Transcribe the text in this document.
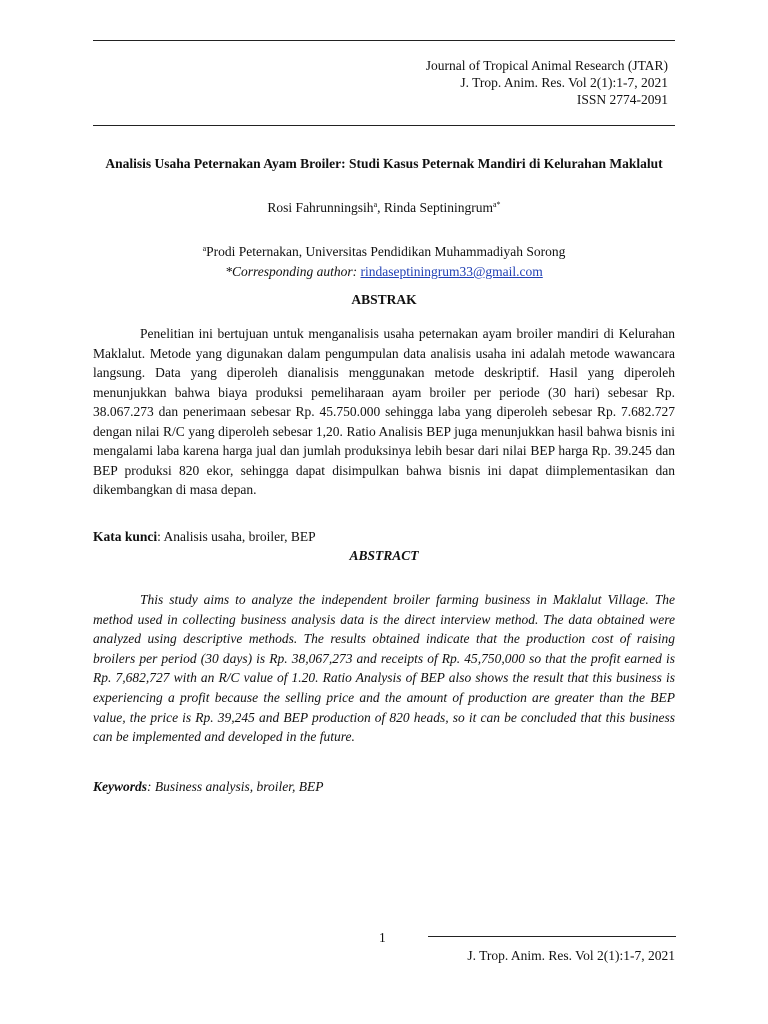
Journal of Tropical Animal Research (JTAR)
J. Trop. Anim. Res. Vol 2(1):1-7, 2021
ISSN 2774-2091
Analisis Usaha Peternakan Ayam Broiler: Studi Kasus Peternak Mandiri di Kelurahan Maklalut
Rosi Fahrunningsih$^a$, Rinda Septiningrum$^{a*}$
$^a$Prodi Peternakan, Universitas Pendidikan Muhammadiyah Sorong
*Corresponding author: rindaseptiningrum33@gmail.com
ABSTRAK
Penelitian ini bertujuan untuk menganalisis usaha peternakan ayam broiler mandiri di Kelurahan Maklalut. Metode yang digunakan dalam pengumpulan data analisis usaha ini adalah metode wawancara langsung. Data yang diperoleh dianalisis menggunakan metode deskriptif. Hasil yang diperoleh menunjukkan bahwa biaya produksi pemeliharaan ayam broiler per periode (30 hari) sebesar Rp. 38.067.273 dan penerimaan sebesar Rp. 45.750.000 sehingga laba yang diperoleh sebesar Rp. 7.682.727 dengan nilai R/C yang diperoleh sebesar 1,20. Ratio Analisis BEP juga menunjukkan hasil bahwa bisnis ini mengalami laba karena harga jual dan jumlah produksinya lebih besar dari nilai BEP harga Rp. 39.245 dan BEP produksi 820 ekor, sehingga dapat disimpulkan bahwa bisnis ini dapat diimplementasikan dan dikembangkan di masa depan.
Kata kunci: Analisis usaha, broiler, BEP
ABSTRACT
This study aims to analyze the independent broiler farming business in Maklalut Village. The method used in collecting business analysis data is the direct interview method. The data obtained were analyzed using descriptive methods. The results obtained indicate that the production cost of raising broilers per period (30 days) is Rp. 38,067,273 and receipts of Rp. 45,750,000 so that the profit earned is Rp. 7,682,727 with an R/C value of 1.20. Ratio Analysis of BEP also shows the result that this business is experiencing a profit because the selling price and the amount of production are greater than the BEP value, the price is Rp. 39,245 and BEP production of 820 heads, so it can be concluded that this business can be implemented and developed in the future.
Keywords: Business analysis, broiler, BEP
1
J. Trop. Anim. Res. Vol 2(1):1-7, 2021
